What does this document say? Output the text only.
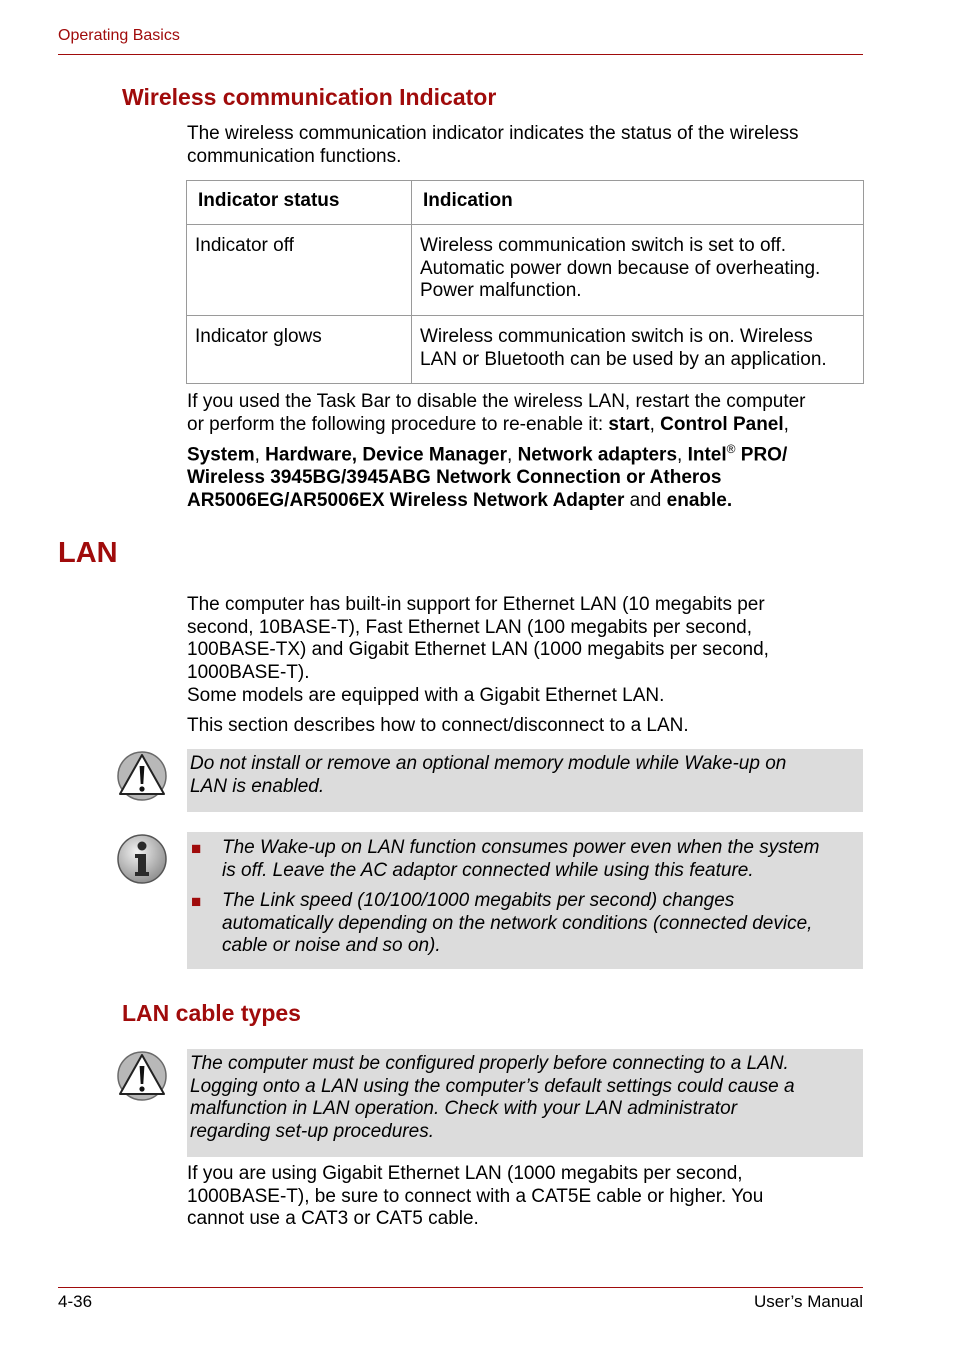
Operating Basics
Wireless communication Indicator

The wireless communication indicator indicates the status of the wireless communication functions.

Indicator status	Indication
Indicator off	Wireless communication switch is set to off.
Automatic power down because of overheating.
Power malfunction.

Indicator glows	Wireless communication switch is on. Wireless
LAN or Bluetooth can be used by an application.
If you used the Task Bar to disable the wireless LAN, restart the computer
or perform the following procedure to re-enable it: start, Control Panel,
System, Hardware, Device Manager, Network adapters, Intel® PRO/
Wireless 3945BG/3945ABG Network Connection or Atheros
AR5006EG/AR5006EX Wireless Network Adapter and enable.
LAN
The computer has built-in support for Ethernet LAN (10 megabits per
second, 10BASE-T), Fast Ethernet LAN (100 megabits per second,
100BASE-TX) and Gigabit Ethernet LAN (1000 megabits per second,
1000BASE-T).
Some models are equipped with a Gigabit Ethernet LAN.

This section describes how to connect/disconnect to a LAN.

Do not install or remove an optional memory module while Wake-up on
LAN is enabled.
■ The Wake-up on LAN function consumes power even when the system
is off. Leave the AC adaptor connected while using this feature.
■ The Link speed (10/100/1000 megabits per second) changes
automatically depending on the network conditions (connected device,
cable or noise and so on).
LAN cable types
The computer must be configured properly before connecting to a LAN.
Logging onto a LAN using the computer’s default settings could cause a
malfunction in LAN operation. Check with your LAN administrator
regarding set-up procedures.
If you are using Gigabit Ethernet LAN (1000 megabits per second,
1000BASE-T), be sure to connect with a CAT5E cable or higher. You
cannot use a CAT3 or CAT5 cable.
4-36	User’s Manual
